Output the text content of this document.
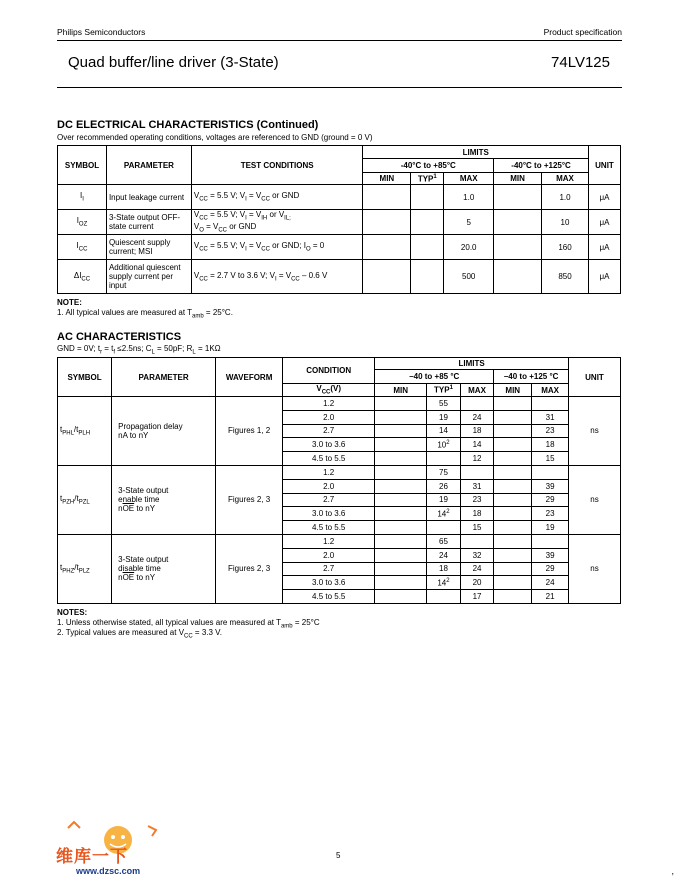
Philips Semiconductors	Product specification
Quad buffer/line driver (3-State)	74LV125
DC ELECTRICAL CHARACTERISTICS (Continued)
Over recommended operating conditions, voltages are referenced to GND (ground = 0 V)
SYMBOL	PARAMETER	TEST CONDITIONS	LIMITS					UNIT
			-40°C to +85°C			-40°C to +125°C		
			MIN	TYP$^1$	MAX	MIN	MAX	
$I_I$	Input leakage current	$V_{CC} = 5.5$ V; $V_I = V_{CC}$ or GND			1.0		1.0	μA
$I_{OZ}$	3-State output OFF-state current	$V_{CC} = 5.5$ V; $V_I = V_{IH}$ or $V_{IL;}$
$V_O = V_{CC}$ or GND			5		10	μA
$I_{CC}$	Quiescent supply current; MSI	$V_{CC} = 5.5$ V; $V_I = V_{CC}$ or GND; $I_O = 0$			20.0		160	μA
$\Delta I_{CC}$	Additional quiescent supply current per input	$V_{CC} = 2.7$ V to 3.6 V; $V_I = V_{CC} - 0.6$ V			500		850	μA
NOTE:
1. All typical values are measured at $T_{amb} = 25^\circ C$.
AC CHARACTERISTICS
GND = 0V; $t_r = t_f \le 2.5ns$; $C_L = 50pF$; $R_L = 1K\Omega$
SYMBOL	PARAMETER	WAVEFORM	CONDITION	LIMITS					UNIT
				–40 to +85 °C			–40 to +125 °C		
			$V_{CC}(V)$	MIN	TYP$^1$	MAX	MIN	MAX	
$t_{PHL}/t_{PLH}$	Propagation delay
nA to nY	Figures 1, 2	1.2		55				ns
			2.0		19	24		31	
			2.7		14	18		23	
			3.0 to 3.6		$10^2$	14		18	
			4.5 to 5.5			12		15	
$t_{PZH}/t_{PZL}$	3-State output
enable time
$n\overline{OE}$ to nY	Figures 2, 3	1.2		75				ns
			2.0		26	31		39	
			2.7		19	23		29	
			3.0 to 3.6		$14^2$	18		23	
			4.5 to 5.5			15		19	
$t_{PHZ}/t_{PLZ}$	3-State output
disable time
$n\overline{OE}$ to nY	Figures 2, 3	1.2		65				ns
			2.0		24	32		39	
			2.7		18	24		29	
			3.0 to 3.6		$14^2$	20		24	
			4.5 to 5.5			17		21	
NOTES:
1. Unless otherwise stated, all typical values are measured at $T_{amb} = 25^\circ C$
2. Typical values are measured at $V_{CC} = 3.3$ V.
5
维库一下
www.dzsc.com	,
